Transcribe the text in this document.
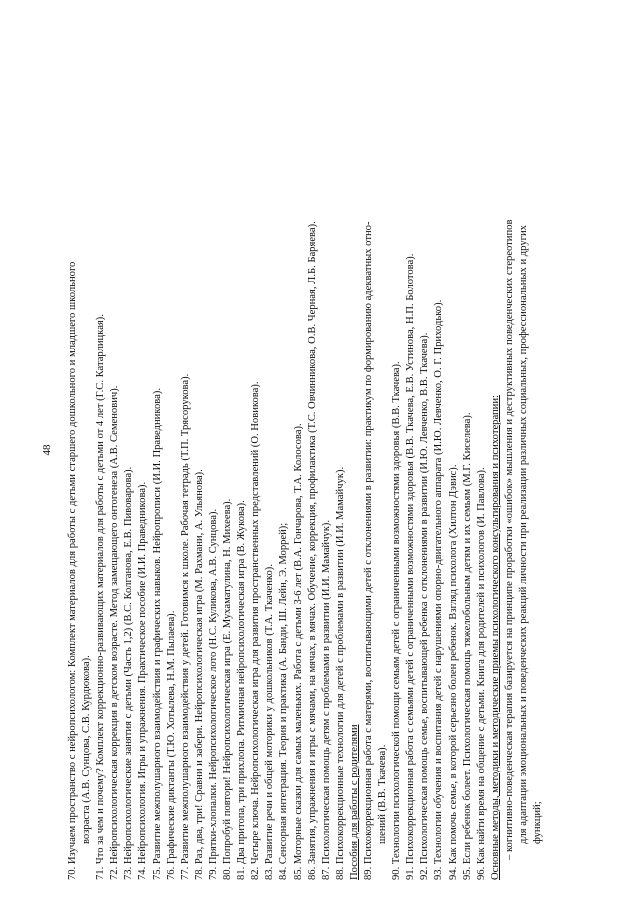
48 70. Изучаем пространство с нейропсихологом: Комплект материалов для работы с детьми старшего дошкольного и младшего школьного возраста (А.В. Сунцова, С.В. Курдюкова). 71. Что за чем и почему? Комплект коррекционно-развивающих материалов для работы с детьми от 4 лет (Г.С. Катарлицкая). 72. Нейропсихологическая коррекция в детском возрасте. Метод замещающего онтогенеза (А.В. Семенович). 73. Нейропсихологические занятия с детьми (Часть 1,2) (В.С. Колганова, Е.В. Пивоварова). 74. Нейропсихология. Игры и упражнения. Практическое пособие (И.И. Праведникова). 75. Развитие межполушарного взаимодействия и графических навыков. Нейропрописи (И.И. Праведникова). 76. Графические диктанты (Т.Ю. Хотылева, Н.М. Пылаева). 77. Развитие межполушарного взаимодействия у детей. Готовимся к школе. Рабочая тетрадь (Т.П. Трясорукова). 78. Раз, два, три! Сравни и забери. Нейропсихологическая игра (М. Рахмани, А. Ульянова). 79. Прятки-хлопалки. Нейропсихологическое лото (Н.С. Куликова, А.В. Сунцова). 80. Попробуй повтори! Нейропсихологическая игра (Е. Мухаматулина, Н. Михеева). 81. Два притопа, три прихлопа. Ритмичная нейропсихологическая игра (В. Жукова). 82. Четыре ключа. Нейропсихологическая игра для развития пространственных представлений (О. Новикова). 83. Развитие речи и общей моторики у дошкольников (Т.А. Ткаченко). 84. Сенсорная интеграция. Теория и практика (А. Банди, Ш. Лейн, Э. Моррей); 85. Моторные сказки для самых маленьких. Работа с детьми 3-6 лет (В.А. Гончарова, Т.А. Колосова). 86. Занятия, упражнения и игры с мячами, на мячах, в мячах. Обучение, коррекция, профилактика (Т.С. Овчинникова, О.В. Черная, Л.Б. Баряева). 87. Психологическая помощь детям с проблемами в развитии (И.И. Мамайчук). 88. Психокоррекционные технологии для детей с проблемами в развитии (И.И. Мамайчук). Пособия для работы с родителями 89. Психокоррекционная работа с матерями, воспитывающими детей с отклонениями в развитии: практикум по формированию адекватных отно- шений (В.В. Ткачева). 90. Технологии психологической помощи семьям детей с ограниченными возможностями здоровья (В.В. Ткачева). 91. Психокоррекционная работа с семьями детей с ограниченными возможностями здоровья (В.В. Ткачева, Е.В. Устинова, Н.П. Болотова). 92. Психологическая помощь семье, воспитывающей ребенка с отклонениями в развитии (И.Ю. Левченко, В.В. Ткачева). 93. Технологии обучения и воспитания детей с нарушениями опорно-двигательного аппарата (И.Ю. Левченко, О. Г. Приходько). 94. Как помочь семье, в которой серьезно болен ребенок. Взгляд психолога (Хилтон Дэвис). 95. Если ребенок болеет. Психологическая помощь тяжелобольным детям и их семьям (М.Г. Киселева). 96. Как найти время на общение с детьми. Книга для родителей и психологов (И. Павлова). Основные методы, методики и методические приемы психологического консультирования и психотерапии: – когнитивно-поведенческая терапия базируется на принципе проработки «ошибок» мышления и деструктивных поведенческих стереотипов для адаптации эмоциональных и поведенческих реакций личности при реализации различных социальных, профессиональных и других функций;
